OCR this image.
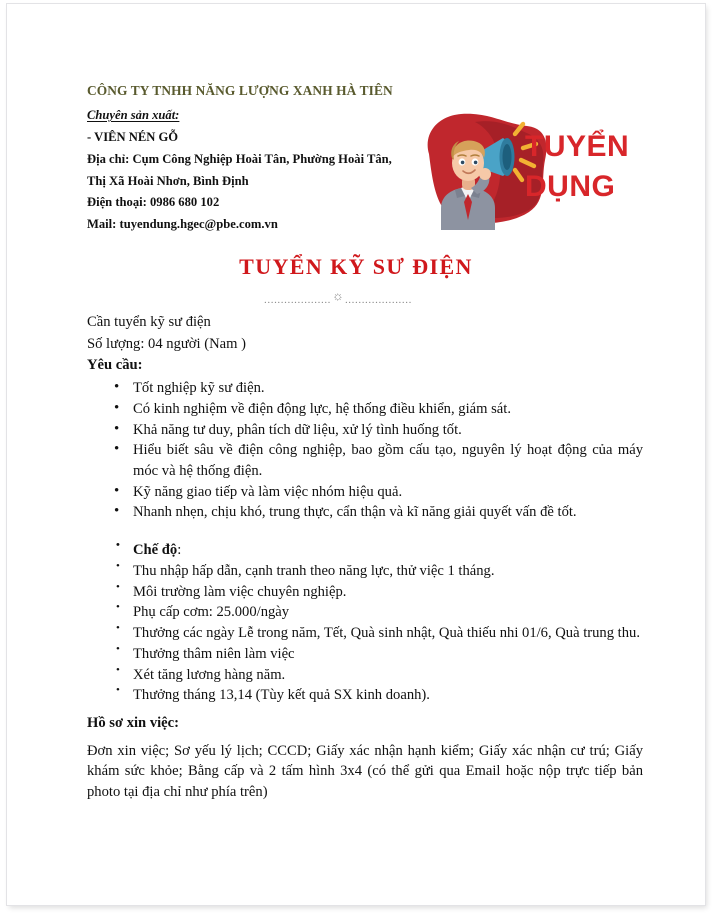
CÔNG TY TNHH NĂNG LƯỢNG XANH HÀ TIÊN
Chuyên sản xuất:
- VIÊN NÉN GỖ
Địa chỉ: Cụm Công Nghiệp Hoài Tân, Phường Hoài Tân,
Thị Xã Hoài Nhơn, Bình Định
Điện thoại: 0986 680 102
Mail: tuyendung.hgec@pbe.com.vn
TUYỂN
DỤNG
TUYỂN KỸ SƯ ĐIỆN
.................... ☼ ....................
Cần tuyển kỹ sư điện
Số lượng: 04 người (Nam )
Yêu cầu:
• Tốt nghiệp kỹ sư điện.
• Có kinh nghiệm về điện động lực, hệ thống điều khiển, giám sát.
• Khả năng tư duy, phân tích dữ liệu, xử lý tình huống tốt.
• Hiểu biết sâu về điện công nghiệp, bao gồm cấu tạo, nguyên lý hoạt động của máy móc và hệ thống điện.
• Kỹ năng giao tiếp và làm việc nhóm hiệu quả.
• Nhanh nhẹn, chịu khó, trung thực, cẩn thận và kĩ năng giải quyết vấn đề tốt.
• Chế độ:
• Thu nhập hấp dẫn, cạnh tranh theo năng lực, thử việc 1 tháng.
• Môi trường làm việc chuyên nghiệp.
• Phụ cấp cơm: 25.000/ngày
• Thưởng các ngày Lễ trong năm, Tết, Quà sinh nhật, Quà thiếu nhi 01/6, Quà trung thu.
• Thưởng thâm niên làm việc
• Xét tăng lương hàng năm.
• Thưởng tháng 13,14 (Tùy kết quả SX kinh doanh).
Hồ sơ xin việc:
Đơn xin việc; Sơ yếu lý lịch; CCCD; Giấy xác nhận hạnh kiểm; Giấy xác nhận cư trú; Giấy khám sức khỏe; Bằng cấp và 2 tấm hình 3x4 (có thể gửi qua Email hoặc nộp trực tiếp bản photo tại địa chỉ như phía trên)
